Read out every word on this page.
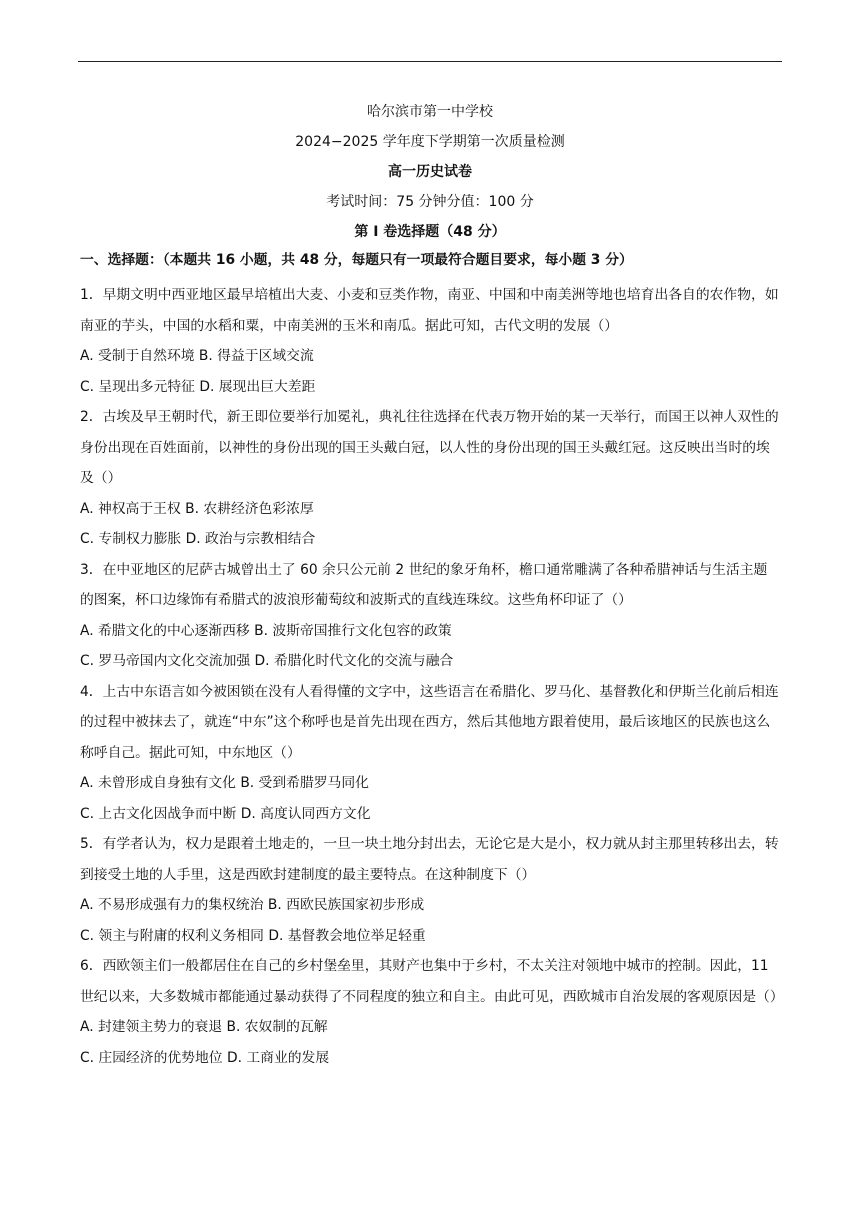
哈尔滨市第一中学校
2024−2025 学年度下学期第一次质量检测
高一历史试卷
考试时间：75 分钟分值：100 分
第 I 卷选择题（48 分）
一、选择题：（本题共 16 小题，共 48 分，每题只有一项最符合题目要求，每小题 3 分）

1．早期文明中西亚地区最早培植出大麦、小麦和豆类作物，南亚、中国和中南美洲等地也培育出各自的农作物，如南亚的芋头，中国的水稻和粟，中南美洲的玉米和南瓜。据此可知，古代文明的发展（）

A. 受制于自然环境 B. 得益于区域交流
C. 呈现出多元特征 D. 展现出巨大差距

2．古埃及早王朝时代，新王即位要举行加冕礼，典礼往往选择在代表万物开始的某一天举行，而国王以神人双性的身份出现在百姓面前，以神性的身份出现的国王头戴白冠，以人性的身份出现的国王头戴红冠。这反映出当时的埃及（）

A. 神权高于王权 B. 农耕经济色彩浓厚
C. 专制权力膨胀 D. 政治与宗教相结合

3．在中亚地区的尼萨古城曾出土了 60 余只公元前 2 世纪的象牙角杯，檐口通常雕满了各种希腊神话与生活主题的图案，杯口边缘饰有希腊式的波浪形葡萄纹和波斯式的直线连珠纹。这些角杯印证了（）

A. 希腊文化的中心逐渐西移 B. 波斯帝国推行文化包容的政策
C. 罗马帝国内文化交流加强 D. 希腊化时代文化的交流与融合

4．上古中东语言如今被困锁在没有人看得懂的文字中，这些语言在希腊化、罗马化、基督教化和伊斯兰化前后相连的过程中被抹去了，就连“中东”这个称呼也是首先出现在西方，然后其他地方跟着使用，最后该地区的民族也这么称呼自己。据此可知，中东地区（）

A. 未曾形成自身独有文化 B. 受到希腊罗马同化
C. 上古文化因战争而中断 D. 高度认同西方文化

5．有学者认为，权力是跟着土地走的，一旦一块土地分封出去，无论它是大是小，权力就从封主那里转移出去，转到接受土地的人手里，这是西欧封建制度的最主要特点。在这种制度下（）

A. 不易形成强有力的集权统治 B. 西欧民族国家初步形成
C. 领主与附庸的权利义务相同 D. 基督教会地位举足轻重

6．西欧领主们一般都居住在自己的乡村堡垒里，其财产也集中于乡村，不太关注对领地中城市的控制。因此，11 世纪以来，大多数城市都能通过暴动获得了不同程度的独立和自主。由此可见，西欧城市自治发展的客观原因是（）

A. 封建领主势力的衰退 B. 农奴制的瓦解
C. 庄园经济的优势地位 D. 工商业的发展
